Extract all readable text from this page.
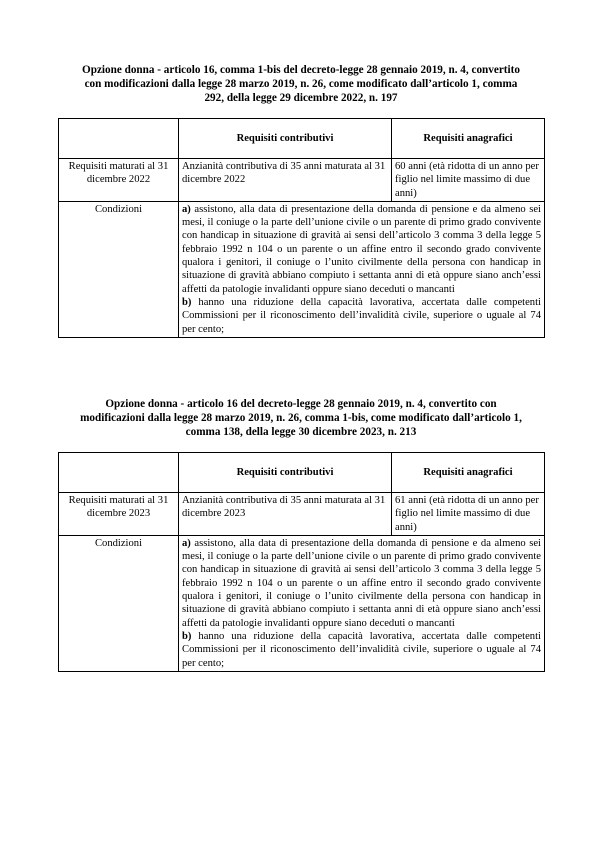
Opzione donna - articolo 16, comma 1-bis del decreto-legge 28 gennaio 2019, n. 4, convertito
con modificazioni dalla legge 28 marzo 2019, n. 26, come modificato dall’articolo 1, comma
292, della legge 29 dicembre 2022, n. 197
	Requisiti contributivi	Requisiti anagrafici
Requisiti maturati al 31 dicembre 2022	Anzianità contributiva di 35 anni maturata al 31 dicembre 2022	60 anni (età ridotta di un anno per figlio nel limite massimo di due anni)
Condizioni	a) assistono, alla data di presentazione della domanda di pensione e da almeno sei mesi, il coniuge o la parte dell’unione civile o un parente di primo grado convivente con handicap in situazione di gravità ai sensi dell’articolo 3 comma 3 della legge 5 febbraio 1992 n 104 o un parente o un affine entro il secondo grado convivente qualora i genitori, il coniuge o l’unito civilmente della persona con handicap in situazione di gravità abbiano compiuto i settanta anni di età oppure siano anch’essi affetti da patologie invalidanti oppure siano deceduti o mancanti

b) hanno una riduzione della capacità lavorativa, accertata dalle competenti Commissioni per il riconoscimento dell’invalidità civile, superiore o uguale al 74 per cento;	

Opzione donna - articolo 16 del decreto-legge 28 gennaio 2019, n. 4, convertito con
modificazioni dalla legge 28 marzo 2019, n. 26, comma 1-bis, come modificato dall’articolo 1,
comma 138, della legge 30 dicembre 2023, n. 213
	Requisiti contributivi	Requisiti anagrafici
Requisiti maturati al 31 dicembre 2023	Anzianità contributiva di 35 anni maturata al 31 dicembre 2023	61 anni (età ridotta di un anno per figlio nel limite massimo di due anni)
Condizioni	a) assistono, alla data di presentazione della domanda di pensione e da almeno sei mesi, il coniuge o la parte dell’unione civile o un parente di primo grado convivente con handicap in situazione di gravità ai sensi dell’articolo 3 comma 3 della legge 5 febbraio 1992 n 104 o un parente o un affine entro il secondo grado convivente qualora i genitori, il coniuge o l’unito civilmente della persona con handicap in situazione di gravità abbiano compiuto i settanta anni di età oppure siano anch’essi affetti da patologie invalidanti oppure siano deceduti o mancanti

b) hanno una riduzione della capacità lavorativa, accertata dalle competenti Commissioni per il riconoscimento dell’invalidità civile, superiore o uguale al 74 per cento;	
